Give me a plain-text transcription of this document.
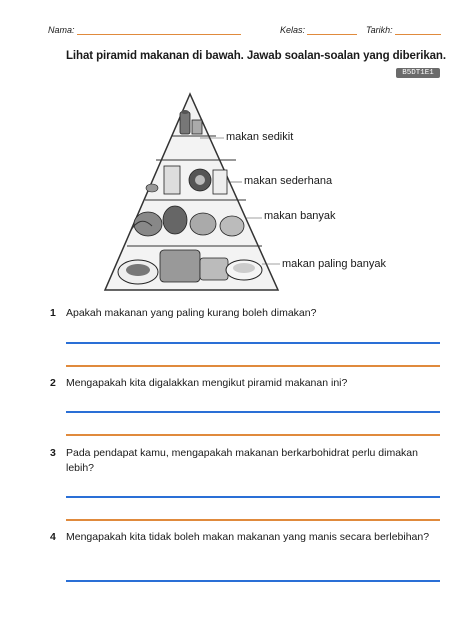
Nama:	Kelas:	Tarikh:
Lihat piramid makanan di bawah. Jawab soalan-soalan yang diberikan.
B5DT1E1
makan sedikit
makan sederhana
makan banyak
makan paling banyak
1 Apakah makanan yang paling kurang boleh dimakan?
2 Mengapakah kita digalakkan mengikut piramid makanan ini?
3 Pada pendapat kamu, mengapakah makanan berkarbohidrat perlu dimakan lebih?
4 Mengapakah kita tidak boleh makan makanan yang manis secara berlebihan?
